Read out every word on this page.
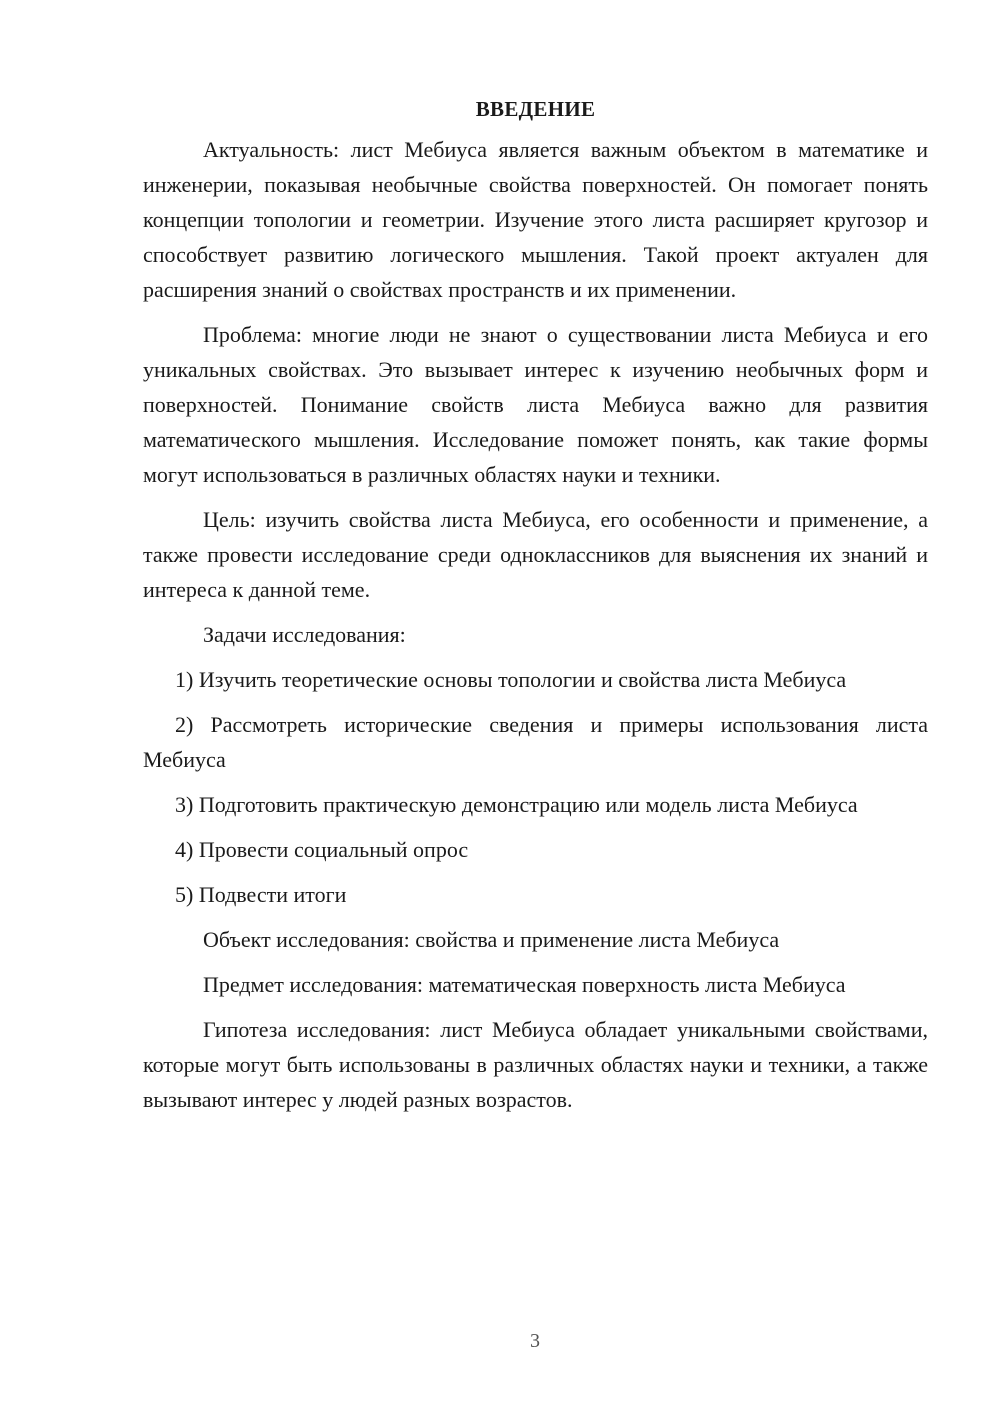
ВВЕДЕНИЕ

Актуальность: лист Мебиуса является важным объектом в математике и инженерии, показывая необычные свойства поверхностей. Он помогает понять концепции топологии и геометрии. Изучение этого листа расширяет кругозор и способствует развитию логического мышления. Такой проект актуален для расширения знаний о свойствах пространств и их применении.

Проблема: многие люди не знают о существовании листа Мебиуса и его уникальных свойствах. Это вызывает интерес к изучению необычных форм и поверхностей. Понимание свойств листа Мебиуса важно для развития математического мышления. Исследование поможет понять, как такие формы могут использоваться в различных областях науки и техники.

Цель: изучить свойства листа Мебиуса, его особенности и применение, а также провести исследование среди одноклассников для выяснения их знаний и интереса к данной теме.

Задачи исследования:

1) Изучить теоретические основы топологии и свойства листа Мебиуса

2) Рассмотреть исторические сведения и примеры использования листа Мебиуса

3) Подготовить практическую демонстрацию или модель листа Мебиуса

4) Провести социальный опрос

5) Подвести итоги

Объект исследования: свойства и применение листа Мебиуса

Предмет исследования: математическая поверхность листа Мебиуса

Гипотеза исследования: лист Мебиуса обладает уникальными свойствами, которые могут быть использованы в различных областях науки и техники, а также вызывают интерес у людей разных возрастов.

3
